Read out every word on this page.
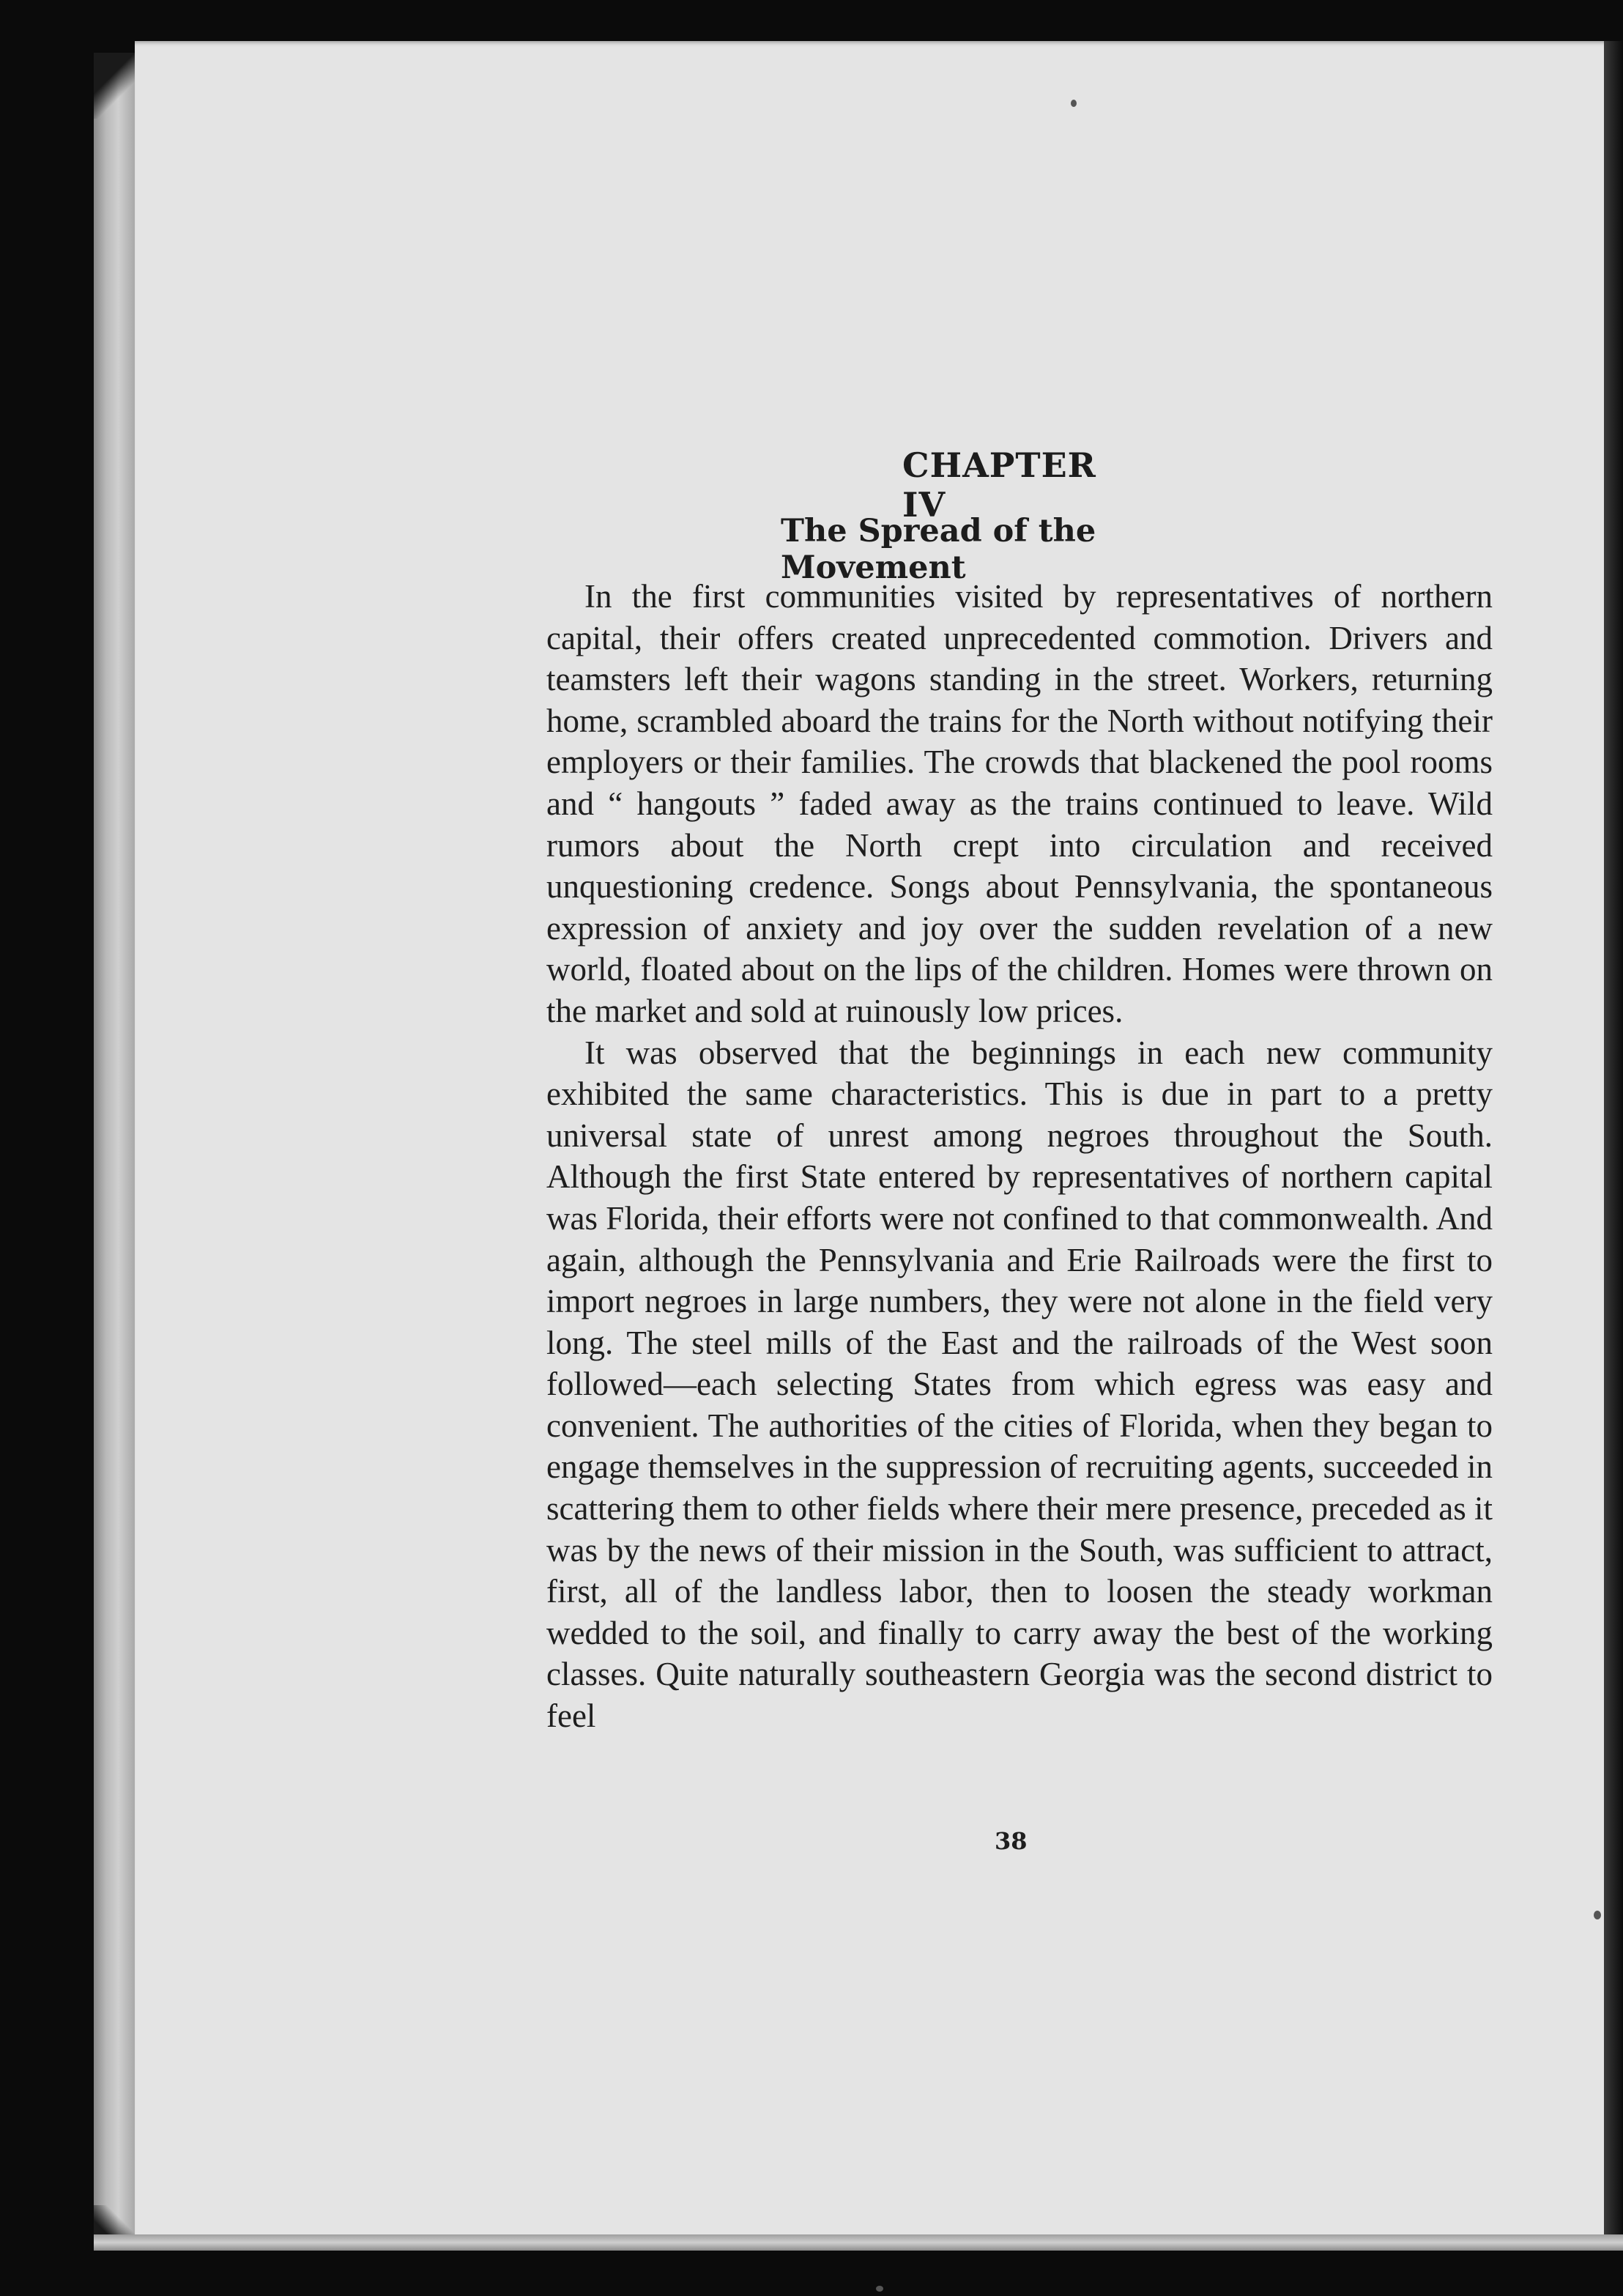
CHAPTER IV
The Spread of the Movement

In the first communities visited by representatives of northern capital, their offers created unprecedented commotion. Drivers and teamsters left their wagons standing in the street. Workers, returning home, scrambled aboard the trains for the North without notifying their employers or their families. The crowds that blackened the pool rooms and “ hangouts ” faded away as the trains continued to leave. Wild rumors about the North crept into circulation and received unquestioning credence. Songs about Pennsylvania, the spontaneous expression of anxiety and joy over the sudden revelation of a new world, floated about on the lips of the children. Homes were thrown on the market and sold at ruinously low prices.

It was observed that the beginnings in each new community exhibited the same characteristics. This is due in part to a pretty universal state of unrest among negroes throughout the South. Although the first State entered by representatives of northern capital was Florida, their efforts were not confined to that commonwealth. And again, although the Pennsylvania and Erie Railroads were the first to import negroes in large numbers, they were not alone in the field very long. The steel mills of the East and the railroads of the West soon followed—each selecting States from which egress was easy and convenient. The authorities of the cities of Florida, when they began to engage themselves in the suppression of recruiting agents, succeeded in scattering them to other fields where their mere presence, preceded as it was by the news of their mission in the South, was sufficient to attract, first, all of the landless labor, then to loosen the steady workman wedded to the soil, and finally to carry away the best of the working classes. Quite naturally southeastern Georgia was the second district to feel

38
